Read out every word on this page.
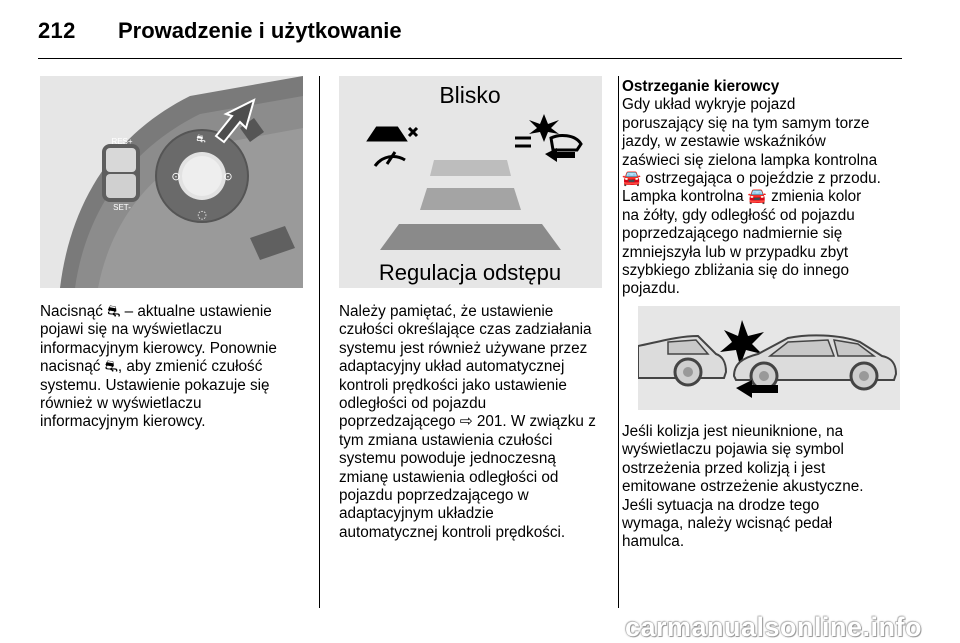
212 Prowadzenie i użytkowanie
RES+
SET-
⛐
⊙	⊙
◌
Blisko
Regulacja odstępu
Nacisnąć ⛐ – aktualne ustawienie
pojawi się na wyświetlaczu
informacyjnym kierowcy. Ponownie
nacisnąć ⛐, aby zmienić czułość
systemu. Ustawienie pokazuje się
również w wyświetlaczu
informacyjnym kierowcy.
Należy pamiętać, że ustawienie
czułości określające czas zadziałania
systemu jest również używane przez
adaptacyjny układ automatycznej
kontroli prędkości jako ustawienie
odległości od pojazdu
poprzedzającego ⇨ 201. W związku z
tym zmiana ustawienia czułości
systemu powoduje jednoczesną
zmianę ustawienia odległości od
pojazdu poprzedzającego w
adaptacyjnym układzie
automatycznej kontroli prędkości.
Ostrzeganie kierowcy
Gdy układ wykryje pojazd
poruszający się na tym samym torze
jazdy, w zestawie wskaźników
zaświeci się zielona lampka kontrolna
🚘 ostrzegająca o pojeździe z przodu.
Lampka kontrolna 🚘 zmienia kolor
na żółty, gdy odległość od pojazdu
poprzedzającego nadmiernie się
zmniejszyła lub w przypadku zbyt
szybkiego zbliżania się do innego
pojazdu.
Jeśli kolizja jest nieuniknione, na
wyświetlaczu pojawia się symbol
ostrzeżenia przed kolizją i jest
emitowane ostrzeżenie akustyczne.
Jeśli sytuacja na drodze tego
wymaga, należy wcisnąć pedał
hamulca.
carmanualsonline.info
